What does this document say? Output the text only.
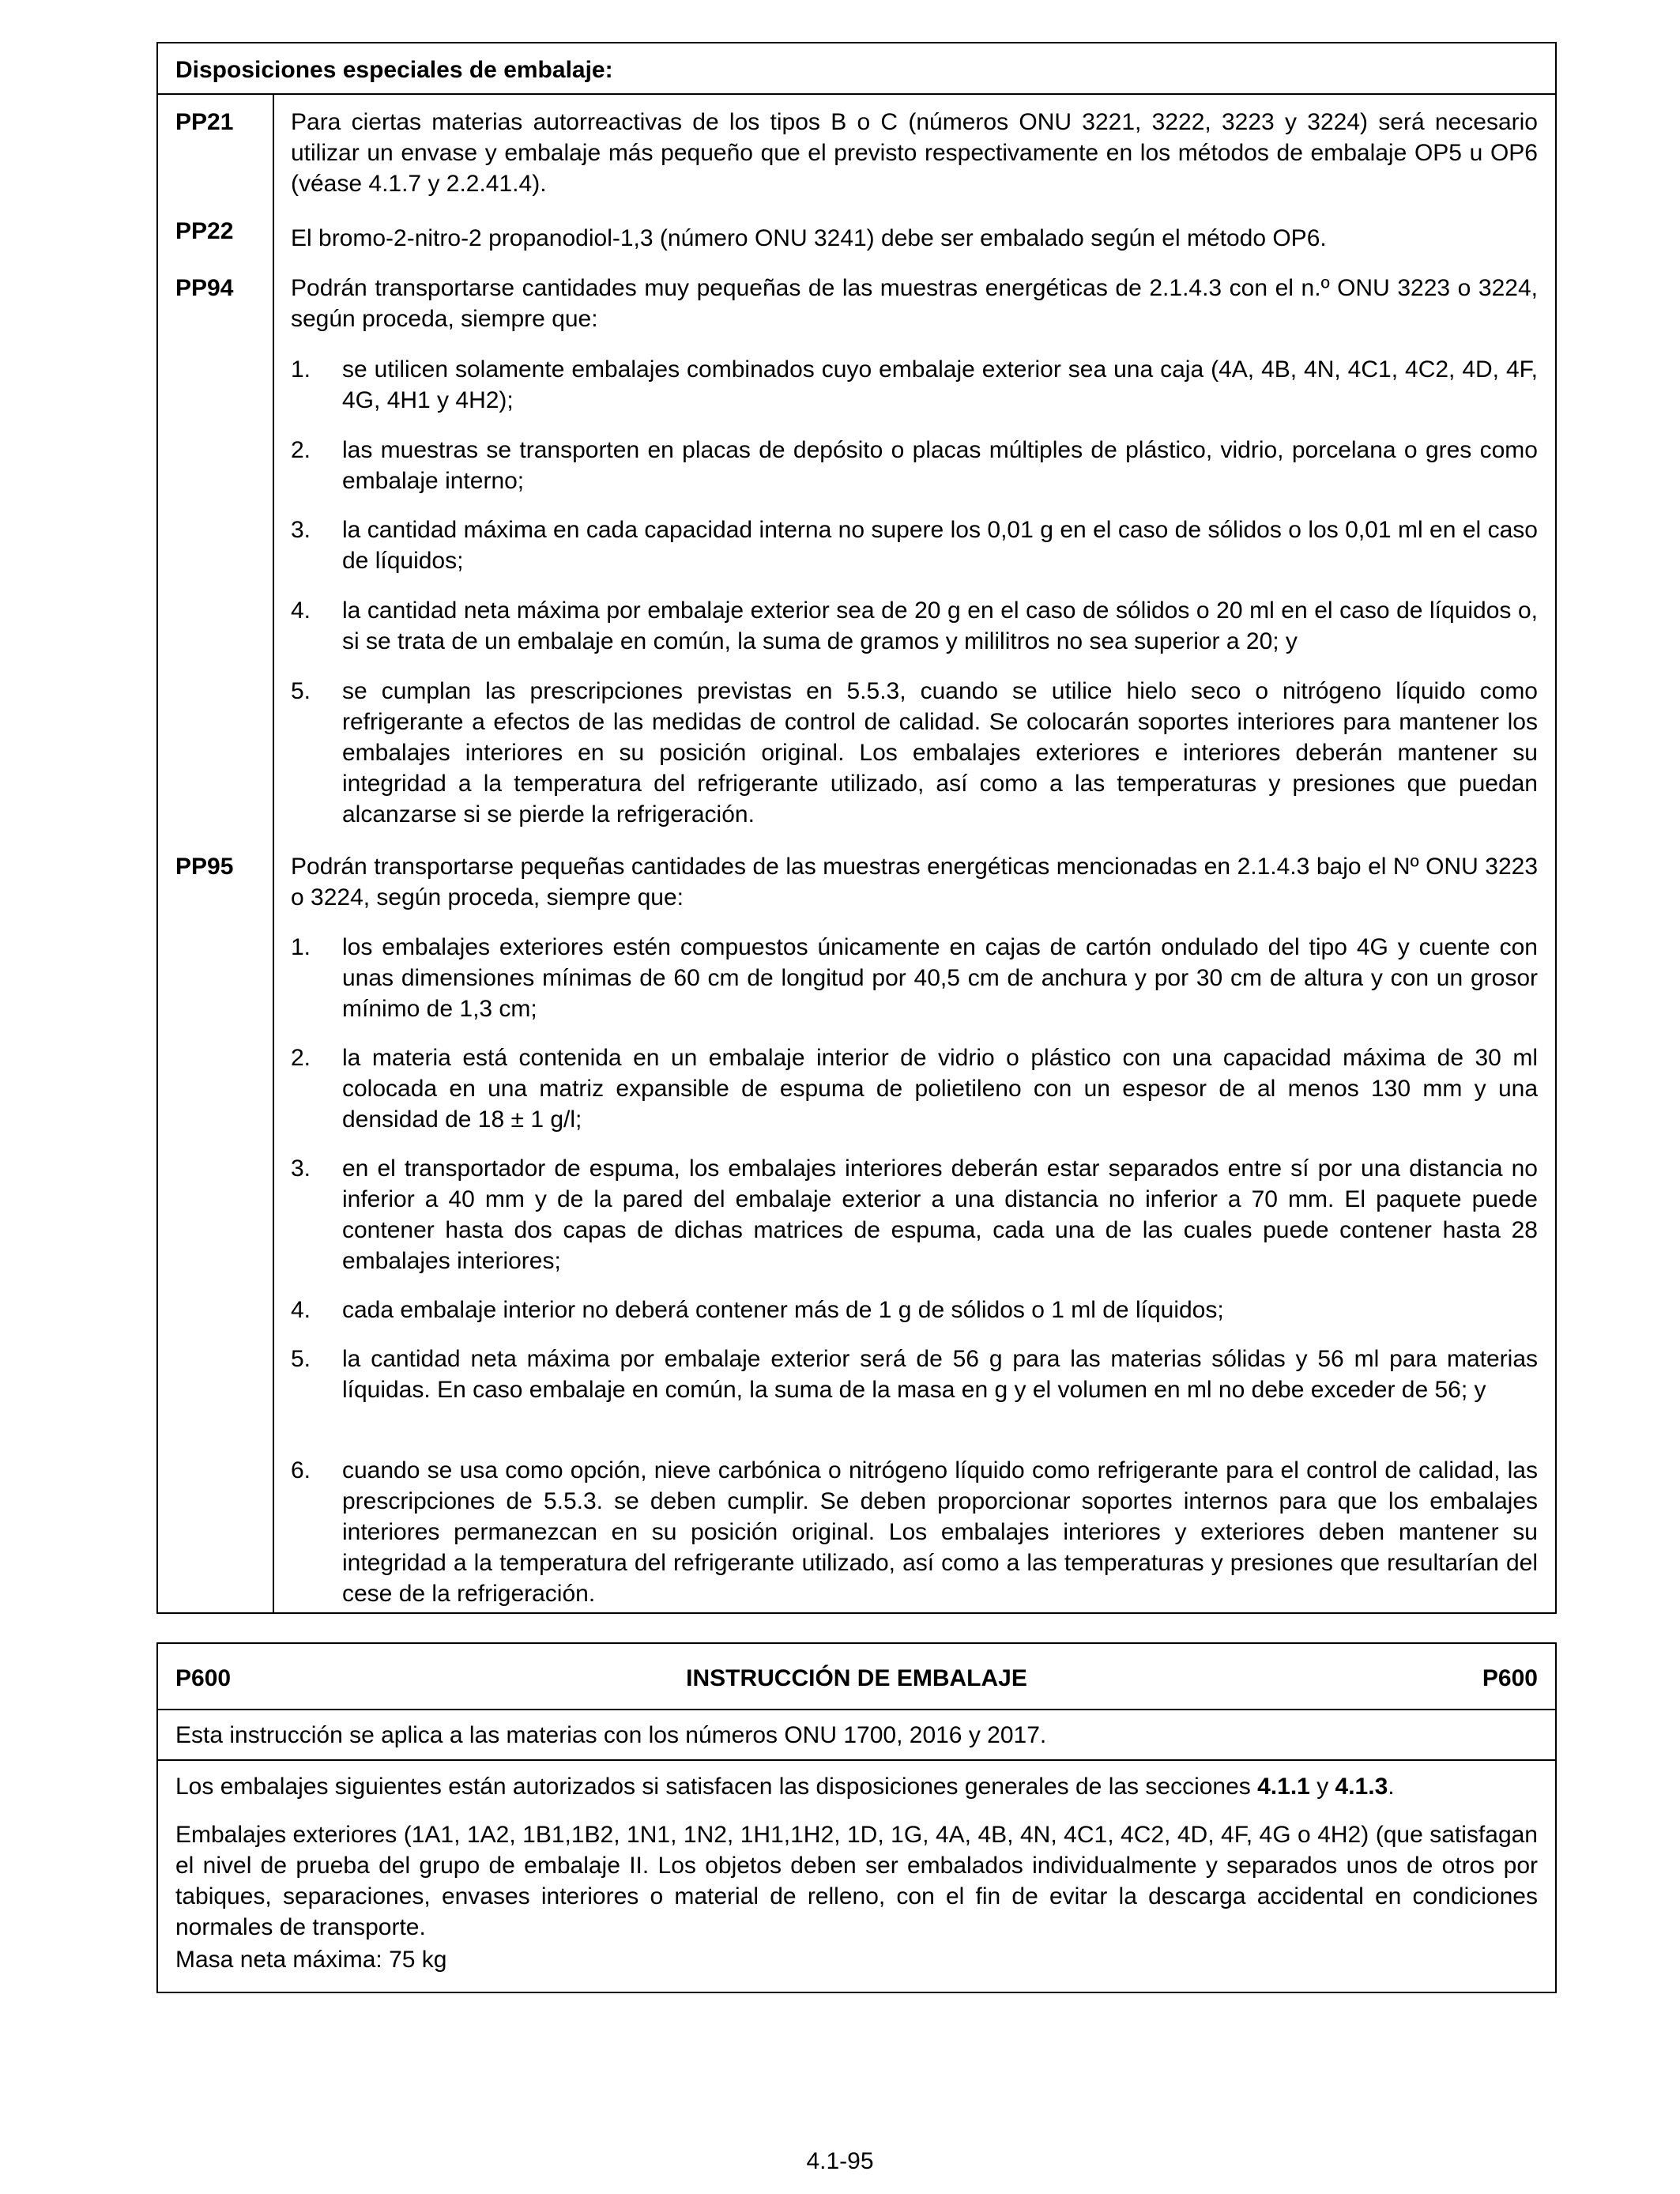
Disposiciones especiales de embalaje:
PP21 Para ciertas materias autorreactivas de los tipos B o C (números ONU 3221, 3222, 3223 y 3224) será necesario utilizar un envase y embalaje más pequeño que el previsto respectivamente en los métodos de embalaje OP5 u OP6 (véase 4.1.7 y 2.2.41.4).
PP22 El bromo-2-nitro-2 propanodiol-1,3 (número ONU 3241) debe ser embalado según el método OP6.
PP94 Podrán transportarse cantidades muy pequeñas de las muestras energéticas de 2.1.4.3 con el n.º ONU 3223 o 3224, según proceda, siempre que:
1. se utilicen solamente embalajes combinados cuyo embalaje exterior sea una caja (4A, 4B, 4N, 4C1, 4C2, 4D, 4F, 4G, 4H1 y 4H2);
2. las muestras se transporten en placas de depósito o placas múltiples de plástico, vidrio, porcelana o gres como embalaje interno;
3. la cantidad máxima en cada capacidad interna no supere los 0,01 g en el caso de sólidos o los 0,01 ml en el caso de líquidos;
4. la cantidad neta máxima por embalaje exterior sea de 20 g en el caso de sólidos o 20 ml en el caso de líquidos o, si se trata de un embalaje en común, la suma de gramos y mililitros no sea superior a 20; y
5. se cumplan las prescripciones previstas en 5.5.3, cuando se utilice hielo seco o nitrógeno líquido como refrigerante a efectos de las medidas de control de calidad. Se colocarán soportes interiores para mantener los embalajes interiores en su posición original. Los embalajes exteriores e interiores deberán mantener su integridad a la temperatura del refrigerante utilizado, así como a las temperaturas y presiones que puedan alcanzarse si se pierde la refrigeración.
PP95 Podrán transportarse pequeñas cantidades de las muestras energéticas mencionadas en 2.1.4.3 bajo el Nº ONU 3223 o 3224, según proceda, siempre que:
1. los embalajes exteriores estén compuestos únicamente en cajas de cartón ondulado del tipo 4G y cuente con unas dimensiones mínimas de 60 cm de longitud por 40,5 cm de anchura y por 30 cm de altura y con un grosor mínimo de 1,3 cm;
2. la materia está contenida en un embalaje interior de vidrio o plástico con una capacidad máxima de 30 ml colocada en una matriz expansible de espuma de polietileno con un espesor de al menos 130 mm y una densidad de 18 ± 1 g/l;
3. en el transportador de espuma, los embalajes interiores deberán estar separados entre sí por una distancia no inferior a 40 mm y de la pared del embalaje exterior a una distancia no inferior a 70 mm. El paquete puede contener hasta dos capas de dichas matrices de espuma, cada una de las cuales puede contener hasta 28 embalajes interiores;
4. cada embalaje interior no deberá contener más de 1 g de sólidos o 1 ml de líquidos;
5. la cantidad neta máxima por embalaje exterior será de 56 g para las materias sólidas y 56 ml para materias líquidas. En caso embalaje en común, la suma de la masa en g y el volumen en ml no debe exceder de 56; y
6. cuando se usa como opción, nieve carbónica o nitrógeno líquido como refrigerante para el control de calidad, las prescripciones de 5.5.3. se deben cumplir. Se deben proporcionar soportes internos para que los embalajes interiores permanezcan en su posición original. Los embalajes interiores y exteriores deben mantener su integridad a la temperatura del refrigerante utilizado, así como a las temperaturas y presiones que resultarían del cese de la refrigeración.
P600	INSTRUCCIÓN DE EMBALAJE	P600
Esta instrucción se aplica a las materias con los números ONU 1700, 2016 y 2017.
Los embalajes siguientes están autorizados si satisfacen las disposiciones generales de las secciones 4.1.1 y 4.1.3.
Embalajes exteriores (1A1, 1A2, 1B1,1B2, 1N1, 1N2, 1H1,1H2, 1D, 1G, 4A, 4B, 4N, 4C1, 4C2, 4D, 4F, 4G o 4H2) (que satisfagan el nivel de prueba del grupo de embalaje II. Los objetos deben ser embalados individualmente y separados unos de otros por tabiques, separaciones, envases interiores o material de relleno, con el fin de evitar la descarga accidental en condiciones normales de transporte.
Masa neta máxima: 75 kg
4.1-95
